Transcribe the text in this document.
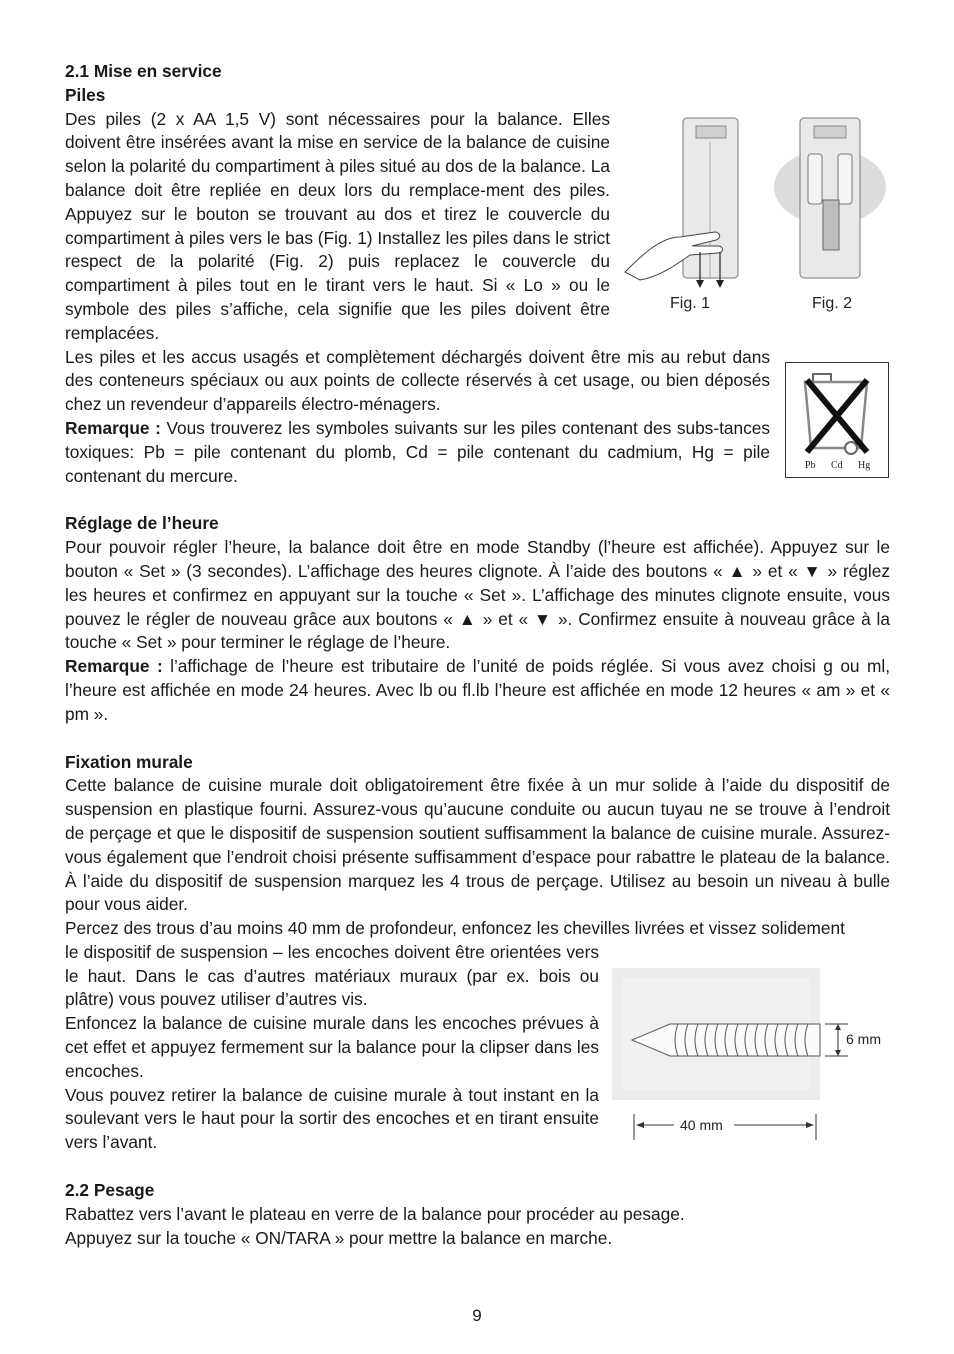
2.1 Mise en service

Piles

Des piles (2 x AA 1,5 V) sont nécessaires pour la balance. Elles doivent être insérées avant la mise en service de la balance de cuisine selon la polarité du compartiment à piles situé au dos de la balance. La balance doit être repliée en deux lors du remplace-ment des piles. Appuyez sur le bouton se trouvant au dos et tirez le couvercle du compartiment à piles vers le bas (Fig. 1) Installez les piles dans le strict respect de la polarité (Fig. 2) puis replacez le couvercle du compartiment à piles tout en le tirant vers le haut. Si « Lo » ou le symbole des piles s’affiche, cela signifie que les piles doivent être remplacées.

Les piles et les accus usagés et complètement déchargés doivent être mis au rebut dans des conteneurs spéciaux ou aux points de collecte réservés à cet usage, ou bien déposés chez un revendeur d’appareils électro-ménagers.

Remarque : Vous trouverez les symboles suivants sur les piles contenant des subs-tances toxiques: Pb = pile contenant du plomb, Cd = pile contenant du cadmium, Hg = pile contenant du mercure.

Réglage de l’heure

Pour pouvoir régler l’heure, la balance doit être en mode Standby (l’heure est affichée). Appuyez sur le bouton « Set » (3 secondes). L’affichage des heures clignote. À l’aide des boutons « ▲ » et « ▼ » réglez les heures et confirmez en appuyant sur la touche « Set ». L’affichage des minutes clignote ensuite, vous pouvez le régler de nouveau grâce aux boutons « ▲ » et « ▼ ». Confirmez ensuite à nouveau grâce à la touche « Set » pour terminer le réglage de l’heure.

Remarque : l’affichage de l’heure est tributaire de l’unité de poids réglée. Si vous avez choisi g ou ml, l’heure est affichée en mode 24 heures. Avec lb ou fl.lb l’heure est affichée en mode 12 heures « am » et « pm ».

Fixation murale

Cette balance de cuisine murale doit obligatoirement être fixée à un mur solide à l’aide du dispositif de suspension en plastique fourni. Assurez-vous qu’aucune conduite ou aucun tuyau ne se trouve à l’endroit de perçage et que le dispositif de suspension soutient suffisamment la balance de cuisine murale. Assurez-vous également que l’endroit choisi présente suffisamment d’espace pour rabattre le plateau de la balance. À l’aide du dispositif de suspension marquez les 4 trous de perçage. Utilisez au besoin un niveau à bulle pour vous aider.

Percez des trous d’au moins 40 mm de profondeur, enfoncez les chevilles livrées et vissez solidement

le dispositif de suspension – les encoches doivent être orientées vers le haut. Dans le cas d’autres matériaux muraux (par ex. bois ou plâtre) vous pouvez utiliser d’autres vis.

Enfoncez la balance de cuisine murale dans les encoches prévues à cet effet et appuyez fermement sur la balance pour la clipser dans les encoches.

Vous pouvez retirer la balance de cuisine murale à tout instant en la soulevant vers le haut pour la sortir des encoches et en tirant ensuite vers l’avant.

2.2 Pesage

Rabattez vers l’avant le plateau en verre de la balance pour procéder au pesage.

Appuyez sur la touche « ON/TARA » pour mettre la balance en marche.

Fig. 1	Fig. 2
Pb Cd Hg
6 mm
40 mm
9
